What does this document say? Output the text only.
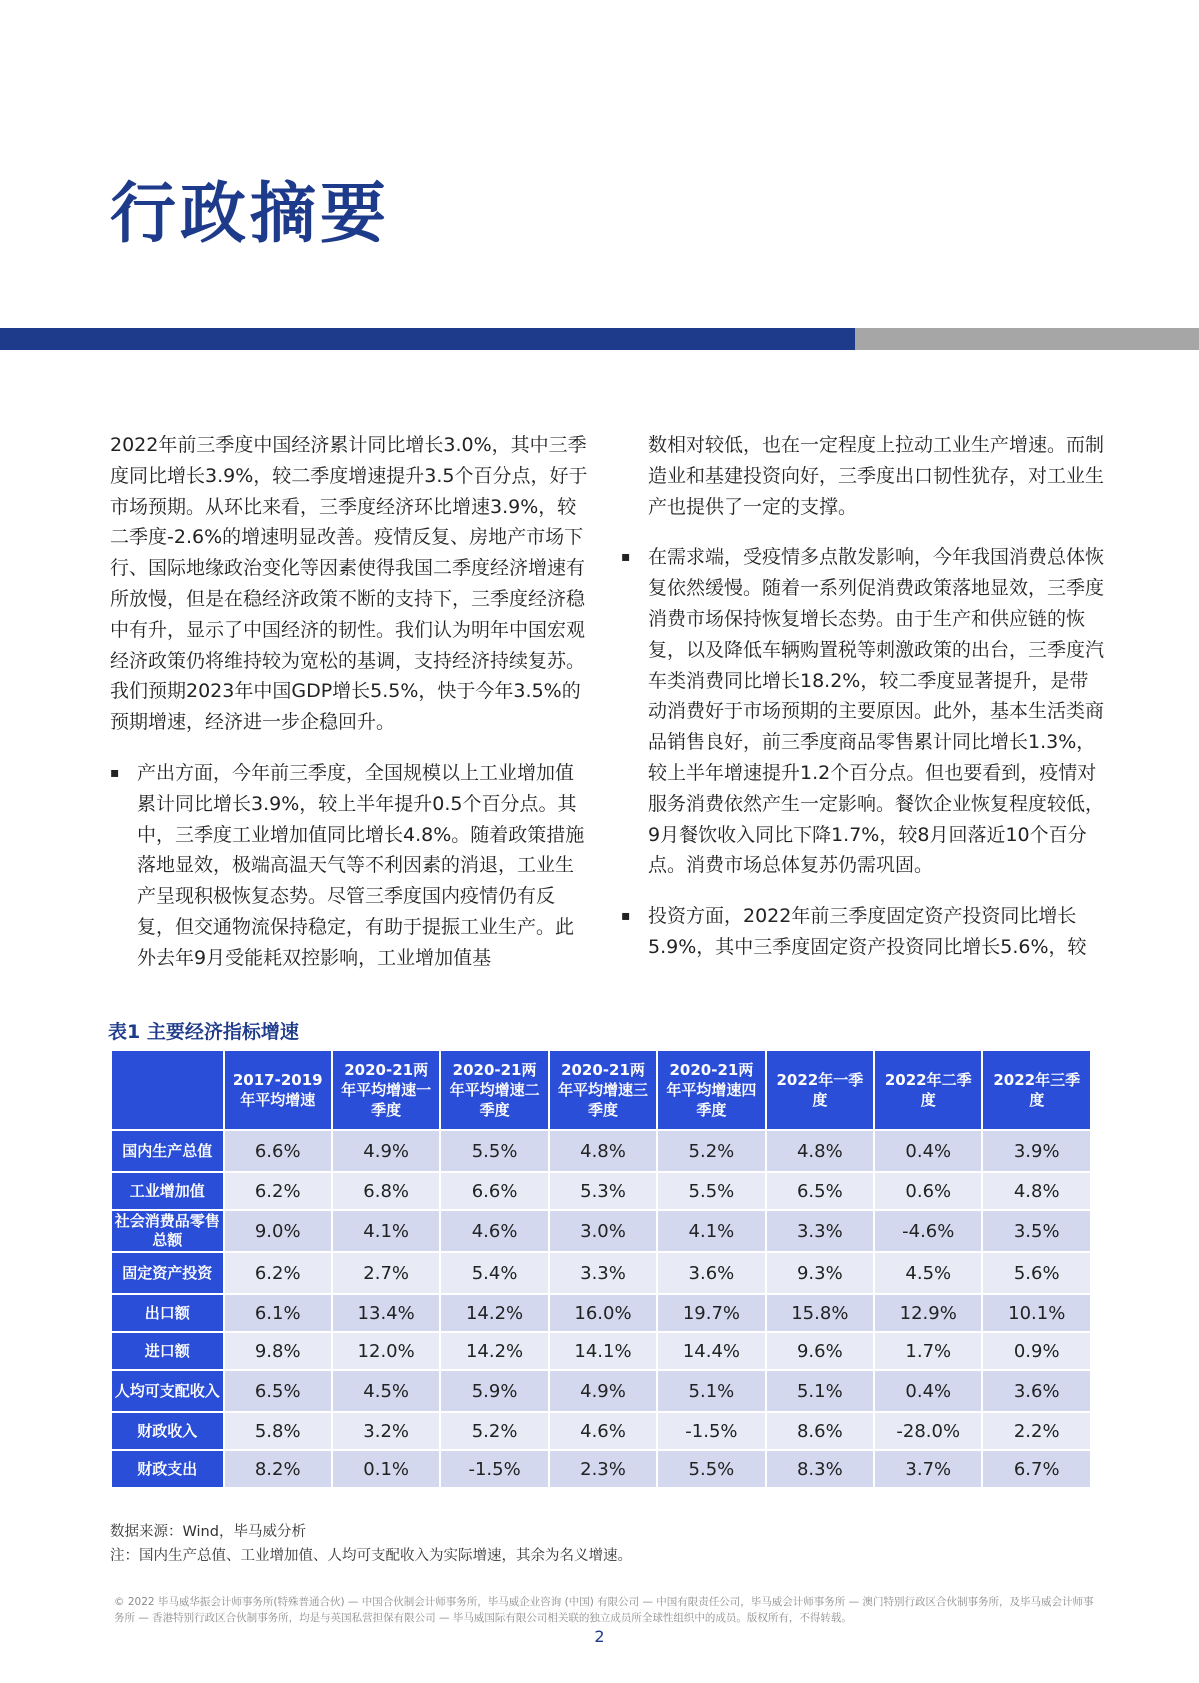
行政摘要

2022年前三季度中国经济累计同比增长3.0%，其中三季度同比增长3.9%，较二季度增速提升3.5个百分点，好于市场预期。从环比来看，三季度经济环比增速3.9%，较二季度-2.6%的增速明显改善。疫情反复、房地产市场下行、国际地缘政治变化等因素使得我国二季度经济增速有所放慢，但是在稳经济政策不断的支持下，三季度经济稳中有升，显示了中国经济的韧性。我们认为明年中国宏观经济政策仍将维持较为宽松的基调，支持经济持续复苏。我们预期2023年中国GDP增长5.5%，快于今年3.5%的预期增速，经济进一步企稳回升。

▪ 产出方面，今年前三季度，全国规模以上工业增加值累计同比增长3.9%，较上半年提升0.5个百分点。其中，三季度工业增加值同比增长4.8%。随着政策措施落地显效，极端高温天气等不利因素的消退，工业生产呈现积极恢复态势。尽管三季度国内疫情仍有反复，但交通物流保持稳定，有助于提振工业生产。此外去年9月受能耗双控影响，工业增加值基
数相对较低，也在一定程度上拉动工业生产增速。而制造业和基建投资向好，三季度出口韧性犹存，对工业生产也提供了一定的支撑。
▪ 在需求端，受疫情多点散发影响，今年我国消费总体恢复依然缓慢。随着一系列促消费政策落地显效，三季度消费市场保持恢复增长态势。由于生产和供应链的恢复，以及降低车辆购置税等刺激政策的出台，三季度汽车类消费同比增长18.2%，较二季度显著提升，是带动消费好于市场预期的主要原因。此外，基本生活类商品销售良好，前三季度商品零售累计同比增长1.3%，较上半年增速提升1.2个百分点。但也要看到，疫情对服务消费依然产生一定影响。餐饮企业恢复程度较低，9月餐饮收入同比下降1.7%，较8月回落近10个百分点。消费市场总体复苏仍需巩固。
▪ 投资方面，2022年前三季度固定资产投资同比增长5.9%，其中三季度固定资产投资同比增长5.6%，较
表1 主要经济指标增速
	2017-2019年平均增速	2020-21两年平均增速一季度	2020-21两年平均增速二季度	2020-21两年平均增速三季度	2020-21两年平均增速四季度	2022年一季度	2022年二季度	2022年三季度
国内生产总值	6.6%	4.9%	5.5%	4.8%	5.2%	4.8%	0.4%	3.9%
工业增加值	6.2%	6.8%	6.6%	5.3%	5.5%	6.5%	0.6%	4.8%
社会消费品零售总额	9.0%	4.1%	4.6%	3.0%	4.1%	3.3%	-4.6%	3.5%
固定资产投资	6.2%	2.7%	5.4%	3.3%	3.6%	9.3%	4.5%	5.6%
出口额	6.1%	13.4%	14.2%	16.0%	19.7%	15.8%	12.9%	10.1%
进口额	9.8%	12.0%	14.2%	14.1%	14.4%	9.6%	1.7%	0.9%
人均可支配收入	6.5%	4.5%	5.9%	4.9%	5.1%	5.1%	0.4%	3.6%
财政收入	5.8%	3.2%	5.2%	4.6%	-1.5%	8.6%	-28.0%	2.2%
财政支出	8.2%	0.1%	-1.5%	2.3%	5.5%	8.3%	3.7%	6.7%
数据来源：Wind，毕马威分析
注：国内生产总值、工业增加值、人均可支配收入为实际增速，其余为名义增速。
© 2022 毕马威华振会计师事务所(特殊普通合伙) — 中国合伙制会计师事务所，毕马威企业咨询 (中国) 有限公司 — 中国有限责任公司，毕马威会计师事务所 — 澳门特别行政区合伙制事务所，及毕马威会计师事务所 — 香港特别行政区合伙制事务所，均是与英国私营担保有限公司 — 毕马威国际有限公司相关联的独立成员所全球性组织中的成员。版权所有，不得转载。
2
